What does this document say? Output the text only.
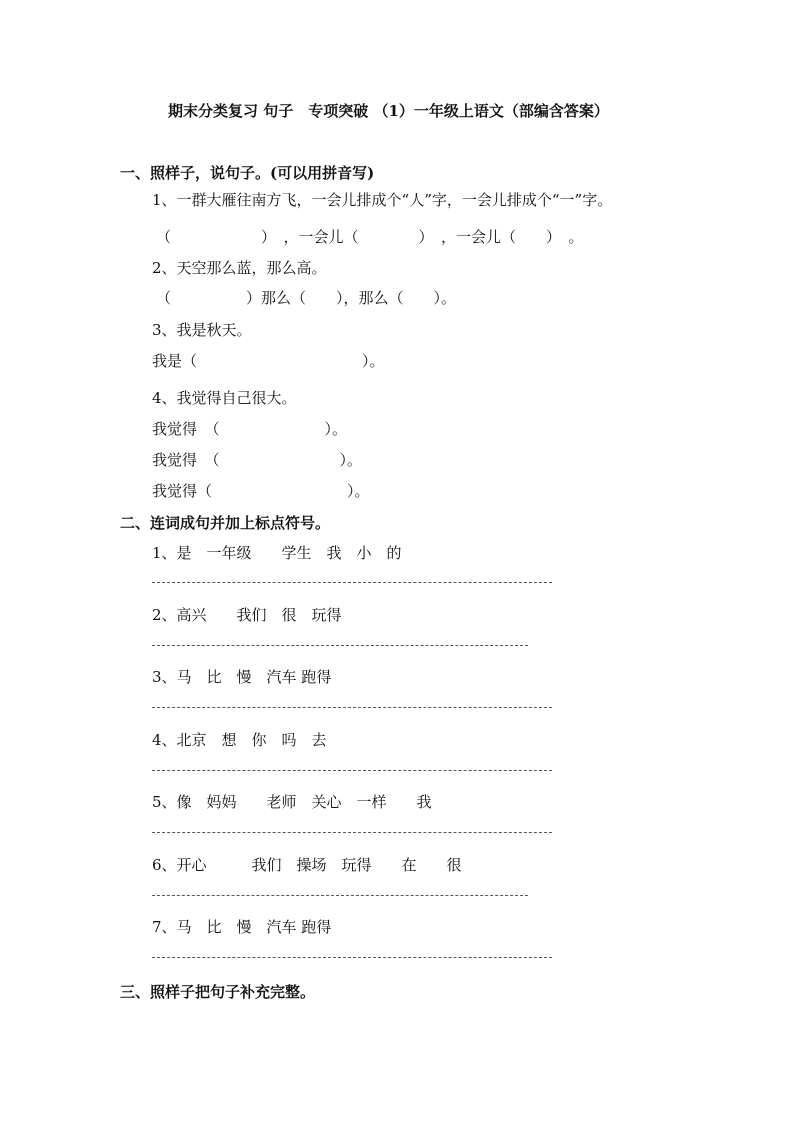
期末分类复习 句子　专项突破 （1）一年级上语文（部编含答案）
一、照样子，说句子。(可以用拼音写)
1、一群大雁往南方飞，一会儿排成个“人”字，一会儿排成个“一”字。
（　　　　　　）　，一会儿（　　　　）　，一会儿（　　）　。
2、天空那么蓝，那么高。
（　　　　　）那么（　　），那么（　　）。
3、我是秋天。
我是（　　　　　　　　　　　）。
4、我觉得自己很大。
我觉得　（　　　　　　　）。
我觉得　（　　　　　　　　）。
我觉得（　　　　　　　　　）。
二、连词成句并加上标点符号。
1、是　一年级　　学生　我　小　的
2、高兴　　我们　很　玩得
3、马　比　慢　汽车 跑得
4、北京　想　你　吗　去
5、像　妈妈　　老师　关心　一样　　我
6、开心　　　我们　操场　玩得　　在　　很
7、马　比　慢　汽车 跑得
三、照样子把句子补充完整。
